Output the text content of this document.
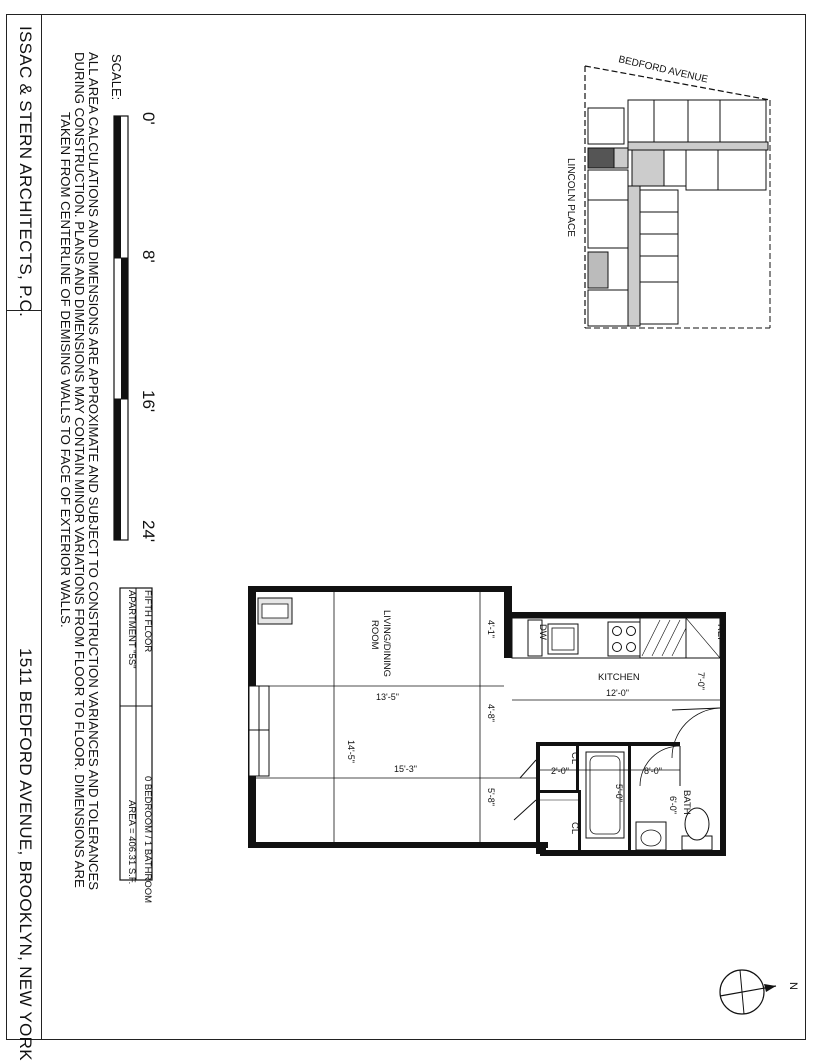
ISSAC & STERN ARCHITECTS, P.C.
1511 BEDFORD AVENUE, BROOKLYN, NEW YORK	ALL AREA CALCULATIONS AND DIMENSIONS ARE APPROXIMATE AND SUBJECT TO CONSTRUCTION VARIANCES AND TOLERANCES
DURING CONSTRUCTION. PLANS AND DIMENSIONS MAY CONTAIN MINOR VARIATIONS FROM FLOOR TO FLOOR. DIMENSIONS ARE
TAKEN FROM CENTERLINE OF DEMISING WALLS TO FACE OF EXTERIOR WALLS.
SCALE:
0'
8'
16'
24'
FIFTH FLOOR
APARTMENT "5S"
0 BEDROOM / 1 BATHROOM
AREA = 406.31 S.F.
BEDFORD AVENUE
LINCOLN PLACE
LIVING/DINING
ROOM
KITCHEN
BATH
REF
DW
CL
CL
13'-5"
15'-3"
14'-5"
4'-1"
4'-8"
5'-8"
12'-0"
7'-0"
8'-0"
6'-0"
2'-0"
5'-0"
N
